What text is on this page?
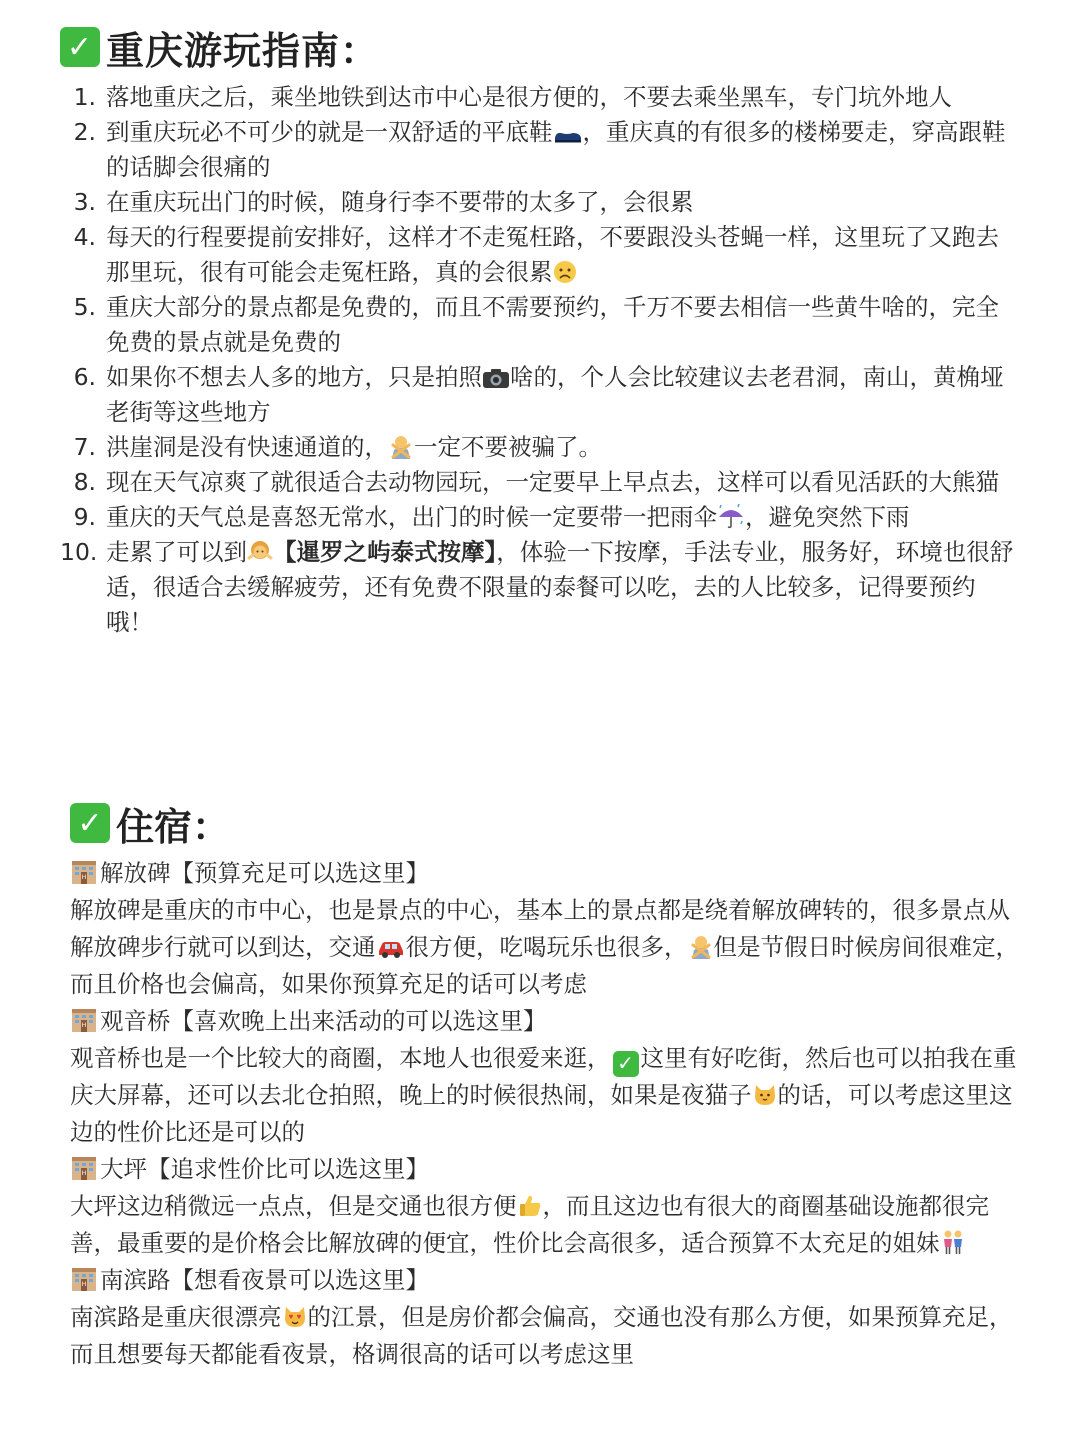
✓ 重庆游玩指南：
1 . 落地重庆之后，乘坐地铁到达市中心是很方便的，不要去乘坐黑车，专门坑外地人
2 . 到重庆玩必不可少的就是一双舒适的平底鞋 ，重庆真的有很多的楼梯要走，穿高跟鞋的话脚会很痛的
3 . 在重庆玩出门的时候，随身行李不要带的太多了，会很累
4 . 每天的行程要提前安排好，这样才不走冤枉路，不要跟没头苍蝇一样，这里玩了又跑去那里玩，很有可能会走冤枉路，真的会很累
5 . 重庆大部分的景点都是免费的，而且不需要预约，千万不要去相信一些黄牛啥的，完全免费的景点就是免费的
6 . 如果你不想去人多的地方，只是拍照 啥的，个人会比较建议去老君洞，南山，黄桷垭老街等这些地方
7 . 洪崖洞是没有快速通道的， 一定不要被骗了。
8 . 现在天气凉爽了就很适合去动物园玩，一定要早上早点去，这样可以看见活跃的大熊猫
9 . 重庆的天气总是喜怒无常水，出门的时候一定要带一把雨伞 ，避免突然下雨
10 . 走累了可以到 【暹罗之屿泰式按摩】，体验一下按摩，手法专业，服务好，环境也很舒适，很适合去缓解疲劳，还有免费不限量的泰餐可以吃，去的人比较多，记得要预约哦！
✓ 住宿：
解放碑【预算充足可以选这里】
解放碑是重庆的市中心，也是景点的中心，基本上的景点都是绕着解放碑转的，很多景点从解放碑步行就可以到达，交通 很方便，吃喝玩乐也很多， 但是节假日时候房间很难定，而且价格也会偏高，如果你预算充足的话可以考虑
观音桥【喜欢晚上出来活动的可以选这里】
观音桥也是一个比较大的商圈，本地人也很爱来逛， ✓ 这里有好吃街，然后也可以拍我在重庆大屏幕，还可以去北仓拍照，晚上的时候很热闹，如果是夜猫子 的话，可以考虑这里这边的性价比还是可以的
大坪【追求性价比可以选这里】
大坪这边稍微远一点点，但是交通也很方便 ，而且这边也有很大的商圈基础设施都很完善，最重要的是价格会比解放碑的便宜，性价比会高很多，适合预算不太充足的姐妹
南滨路【想看夜景可以选这里】
南滨路是重庆很漂亮 的江景，但是房价都会偏高，交通也没有那么方便，如果预算充足，而且想要每天都能看夜景，格调很高的话可以考虑这里
